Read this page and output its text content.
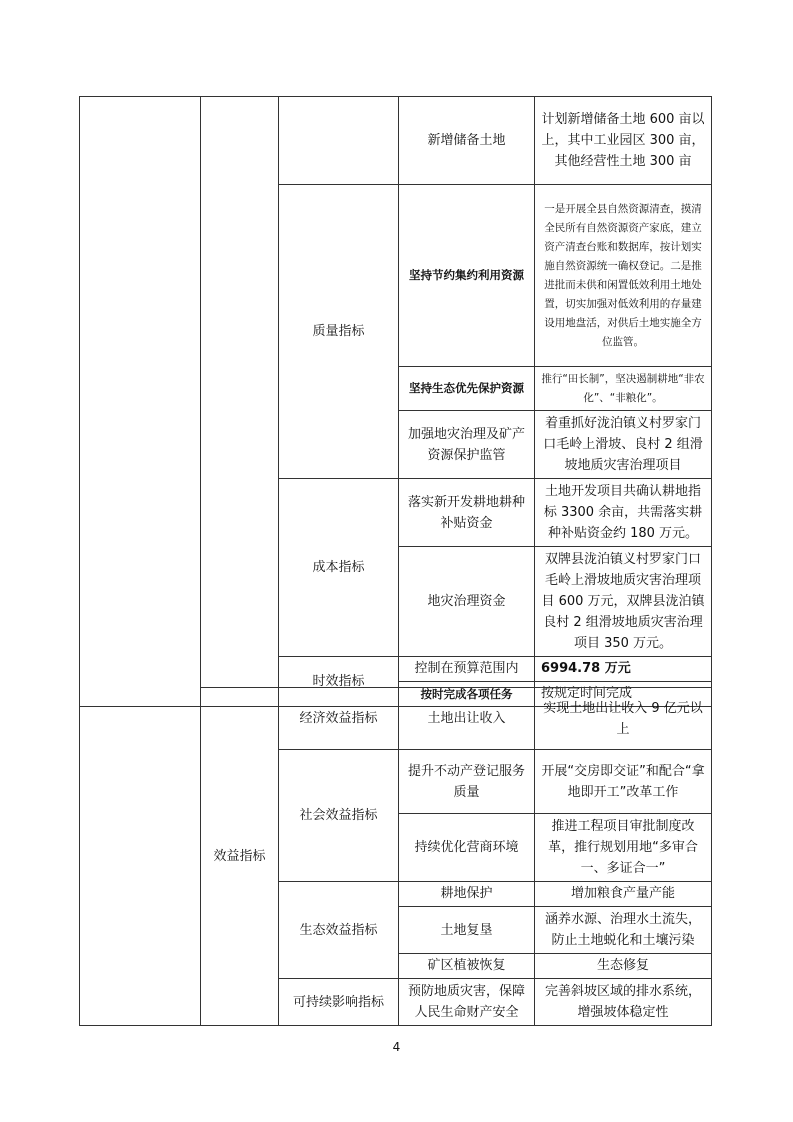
			新增储备土地	计划新增储备土地 600 亩以上，其中工业园区 300 亩，其他经营性土地 300 亩
		质量指标	坚持节约集约利用资源	一是开展全县自然资源清查，摸清全民所有自然资源资产家底，建立资产清查台账和数据库，按计划实施自然资源统一确权登记。二是推进批而未供和闲置低效利用土地处置，切实加强对低效利用的存量建设用地盘活，对供后土地实施全方位监管。
			坚持生态优先保护资源	推行“田长制”，坚决遏制耕地“非农化”、“非粮化”。
			加强地灾治理及矿产资源保护监管	着重抓好泷泊镇义村罗家门口毛岭上滑坡、良村 2 组滑坡地质灾害治理项目
		成本指标	落实新开发耕地耕种补贴资金	土地开发项目共确认耕地指标 3300 余亩，共需落实耕种补贴资金约 180 万元。
			地灾治理资金	双牌县泷泊镇义村罗家门口毛岭上滑坡地质灾害治理项目 600 万元，双牌县泷泊镇良村 2 组滑坡地质灾害治理项目 350 万元。
		时效指标	控制在预算范围内	6994.78 万元
			按时完成各项任务	按规定时间完成
	效益指标	经济效益指标	土地出让收入	实现土地出让收入 9 亿元以上
		社会效益指标	提升不动产登记服务质量	开展“交房即交证”和配合“拿地即开工”改革工作
			持续优化营商环境	推进工程项目审批制度改革，推行规划用地“多审合一、多证合一”
		生态效益指标	耕地保护	增加粮食产量产能
			土地复垦	涵养水源、治理水土流失，防止土地蜕化和土壤污染
			矿区植被恢复	生态修复
		可持续影响指标	预防地质灾害，保障人民生命财产安全	完善斜坡区域的排水系统，增强坡体稳定性
4
